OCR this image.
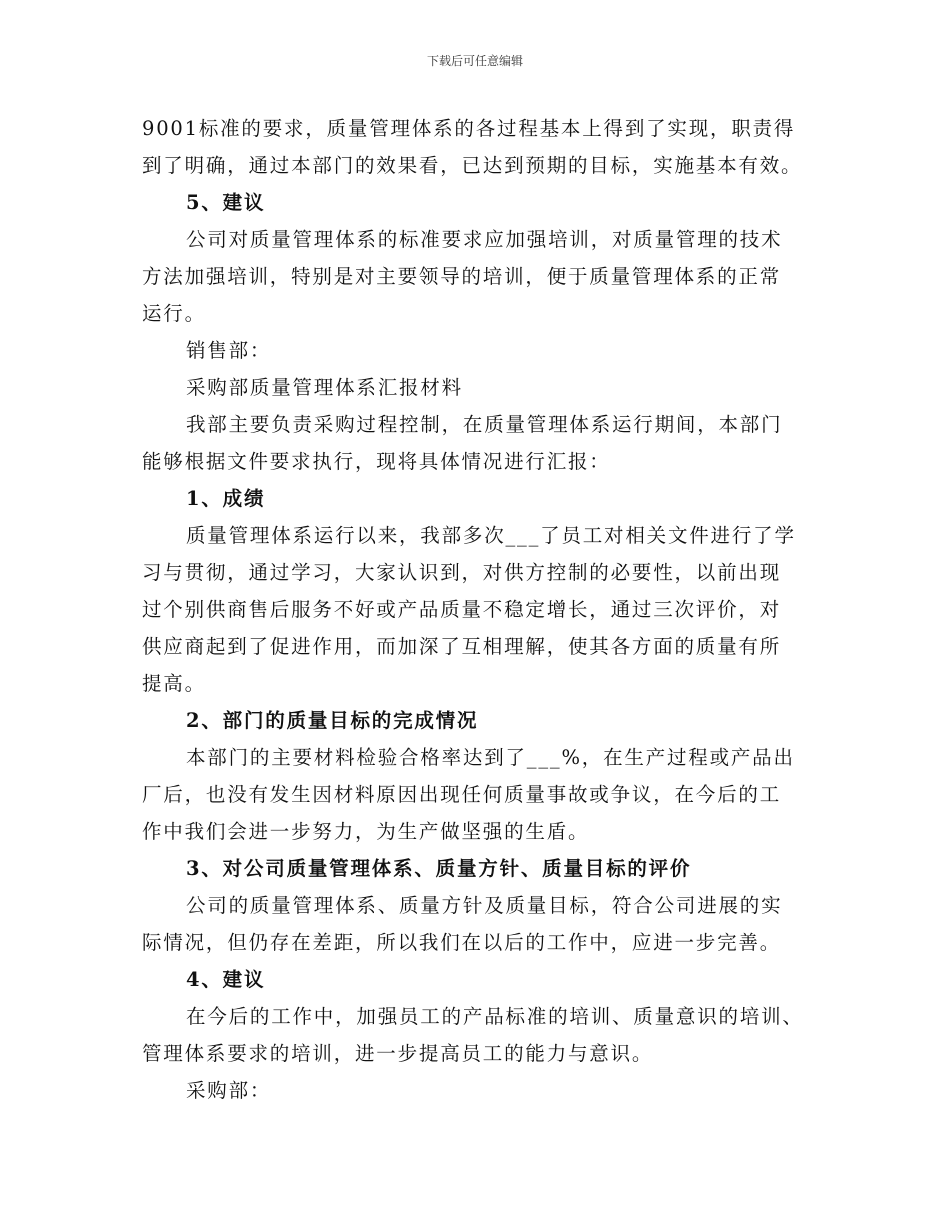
下载后可任意编辑
9001标准的要求，质量管理体系的各过程基本上得到了实现，职责得
到了明确，通过本部门的效果看，已达到预期的目标，实施基本有效。
5、建议
公司对质量管理体系的标准要求应加强培训，对质量管理的技术
方法加强培训，特别是对主要领导的培训，便于质量管理体系的正常
运行。
销售部：
采购部质量管理体系汇报材料
我部主要负责采购过程控制，在质量管理体系运行期间，本部门
能够根据文件要求执行，现将具体情况进行汇报：
1、成绩
质量管理体系运行以来，我部多次___了员工对相关文件进行了学
习与贯彻，通过学习，大家认识到，对供方控制的必要性，以前出现
过个别供商售后服务不好或产品质量不稳定增长，通过三次评价，对
供应商起到了促进作用，而加深了互相理解，使其各方面的质量有所
提高。
2、部门的质量目标的完成情况
本部门的主要材料检验合格率达到了___%，在生产过程或产品出
厂后，也没有发生因材料原因出现任何质量事故或争议，在今后的工
作中我们会进一步努力，为生产做坚强的生盾。
3、对公司质量管理体系、质量方针、质量目标的评价
公司的质量管理体系、质量方针及质量目标，符合公司进展的实
际情况，但仍存在差距，所以我们在以后的工作中，应进一步完善。
4、建议
在今后的工作中，加强员工的产品标准的培训、质量意识的培训、
管理体系要求的培训，进一步提高员工的能力与意识。
采购部：
